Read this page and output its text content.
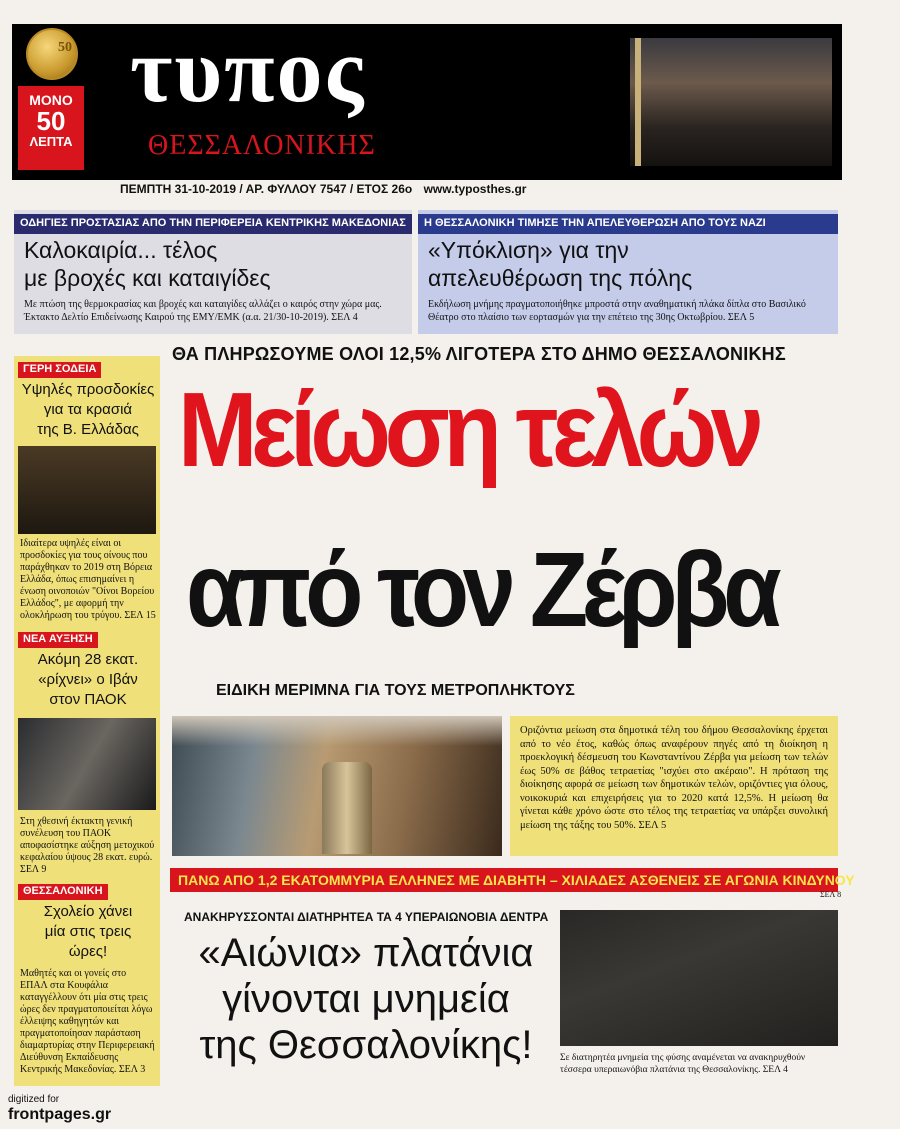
50
ΜΟΝΟ
50
ΛΕΠΤΑ
τυπος
ΘΕΣΣΑΛΟΝΙΚΗΣ
ΠΕΜΠΤΗ 31-10-2019 / ΑΡ. ΦΥΛΛΟΥ 7547 / ΕΤΟΣ 26ο www.typosthes.gr
ΟΔΗΓΙΕΣ ΠΡΟΣΤΑΣΙΑΣ ΑΠΟ ΤΗΝ ΠΕΡΙΦΕΡΕΙΑ ΚΕΝΤΡΙΚΗΣ ΜΑΚΕΔΟΝΙΑΣ
Καλοκαιρία... τέλος
με βροχές και καταιγίδες

Με πτώση της θερμοκρασίας και βροχές και καταιγίδες αλλάζει ο καιρός στην χώρα μας. Έκτακτο Δελτίο Επιδείνωσης Καιρού της ΕΜΥ/ΕΜΚ (α.α. 21/30-10-2019). ΣΕΛ 4

Η ΘΕΣΣΑΛΟΝΙΚΗ ΤΙΜΗΣΕ ΤΗΝ ΑΠΕΛΕΥΘΕΡΩΣΗ ΑΠΟ ΤΟΥΣ ΝΑΖΙ
«Υπόκλιση» για την
απελευθέρωση της πόλης

Εκδήλωση μνήμης πραγματοποιήθηκε μπροστά στην αναθηματική πλάκα δίπλα στο Βασιλικό Θέατρο στο πλαίσιο των εορτασμών για την επέτειο της 30ης Οκτωβρίου. ΣΕΛ 5

ΓΕΡΗ ΣΟΔΕΙΑ
Υψηλές προσδοκίες
για τα κρασιά
της Β. Ελλάδας
Ιδιαίτερα υψηλές είναι οι προσδοκίες για τους οίνους που παράχθηκαν το 2019 στη Βόρεια Ελλάδα, όπως επισημαίνει η ένωση οινοποιών "Οίνοι Βορείου Ελλάδος", με αφορμή την ολοκλήρωση του τρύγου. ΣΕΛ 15
ΝΕΑ ΑΥΞΗΣΗ
Ακόμη 28 εκατ.
«ρίχνει» ο Ιβάν
στον ΠΑΟΚ
Στη χθεσινή έκτακτη γενική συνέλευση του ΠΑΟΚ αποφασίστηκε αύξηση μετοχικού κεφαλαίου ύψους 28 εκατ. ευρώ. ΣΕΛ 9
ΘΕΣΣΑΛΟΝΙΚΗ
Σχολείο χάνει
μία στις τρεις
ώρες!
Μαθητές και οι γονείς στο ΕΠΑΛ στα Κουφάλια καταγγέλλουν ότι μία στις τρεις ώρες δεν πραγματοποιείται λόγω έλλειψης καθηγητών και πραγματοποίησαν παράσταση διαμαρτυρίας στην Περιφερειακή Διεύθυνση Εκπαίδευσης Κεντρικής Μακεδονίας. ΣΕΛ 3
ΘΑ ΠΛΗΡΩΣΟΥΜΕ ΟΛΟΙ 12,5% ΛΙΓΟΤΕΡΑ ΣΤΟ ΔΗΜΟ ΘΕΣΣΑΛΟΝΙΚΗΣ
Μείωση τελών
από τον Ζέρβα
ΕΙΔΙΚΗ ΜΕΡΙΜΝΑ ΓΙΑ ΤΟΥΣ ΜΕΤΡΟΠΛΗΚΤΟΥΣ
Οριζόντια μείωση στα δημοτικά τέλη του δήμου Θεσσαλονίκης έρχεται από το νέο έτος, καθώς όπως αναφέρουν πηγές από τη διοίκηση η προεκλογική δέσμευση του Κωνσταντίνου Ζέρβα για μείωση των τελών έως 50% σε βάθος τετραετίας "ισχύει στο ακέραιο". Η πρόταση της διοίκησης αφορά σε μείωση των δημοτικών τελών, οριζόντιες για όλους, νοικοκυριά και επιχειρήσεις για το 2020 κατά 12,5%. Η μείωση θα γίνεται κάθε χρόνο ώστε στο τέλος της τετραετίας να υπάρξει συνολική μείωση της τάξης του 50%. ΣΕΛ 5
ΠΑΝΩ ΑΠΟ 1,2 ΕΚΑΤΟΜΜΥΡΙΑ ΕΛΛΗΝΕΣ ΜΕ ΔΙΑΒΗΤΗ – ΧΙΛΙΑΔΕΣ ΑΣΘΕΝΕΙΣ ΣΕ ΑΓΩΝΙΑ ΚΙΝΔΥΝΟΥ
ΣΕΛ 8
ΑΝΑΚΗΡΥΣΣΟΝΤΑΙ ΔΙΑΤΗΡΗΤΕΑ ΤΑ 4 ΥΠΕΡΑΙΩΝΟΒΙΑ ΔΕΝΤΡΑ
«Αιώνια» πλατάνια
γίνονται μνημεία
της Θεσσαλονίκης!	Σε διατηρητέα μνημεία της φύσης αναμένεται να ανακηρυχθούν τέσσερα υπεραιωνόβια πλατάνια της Θεσσαλονίκης. ΣΕΛ 4
digitized for
frontpages.gr
